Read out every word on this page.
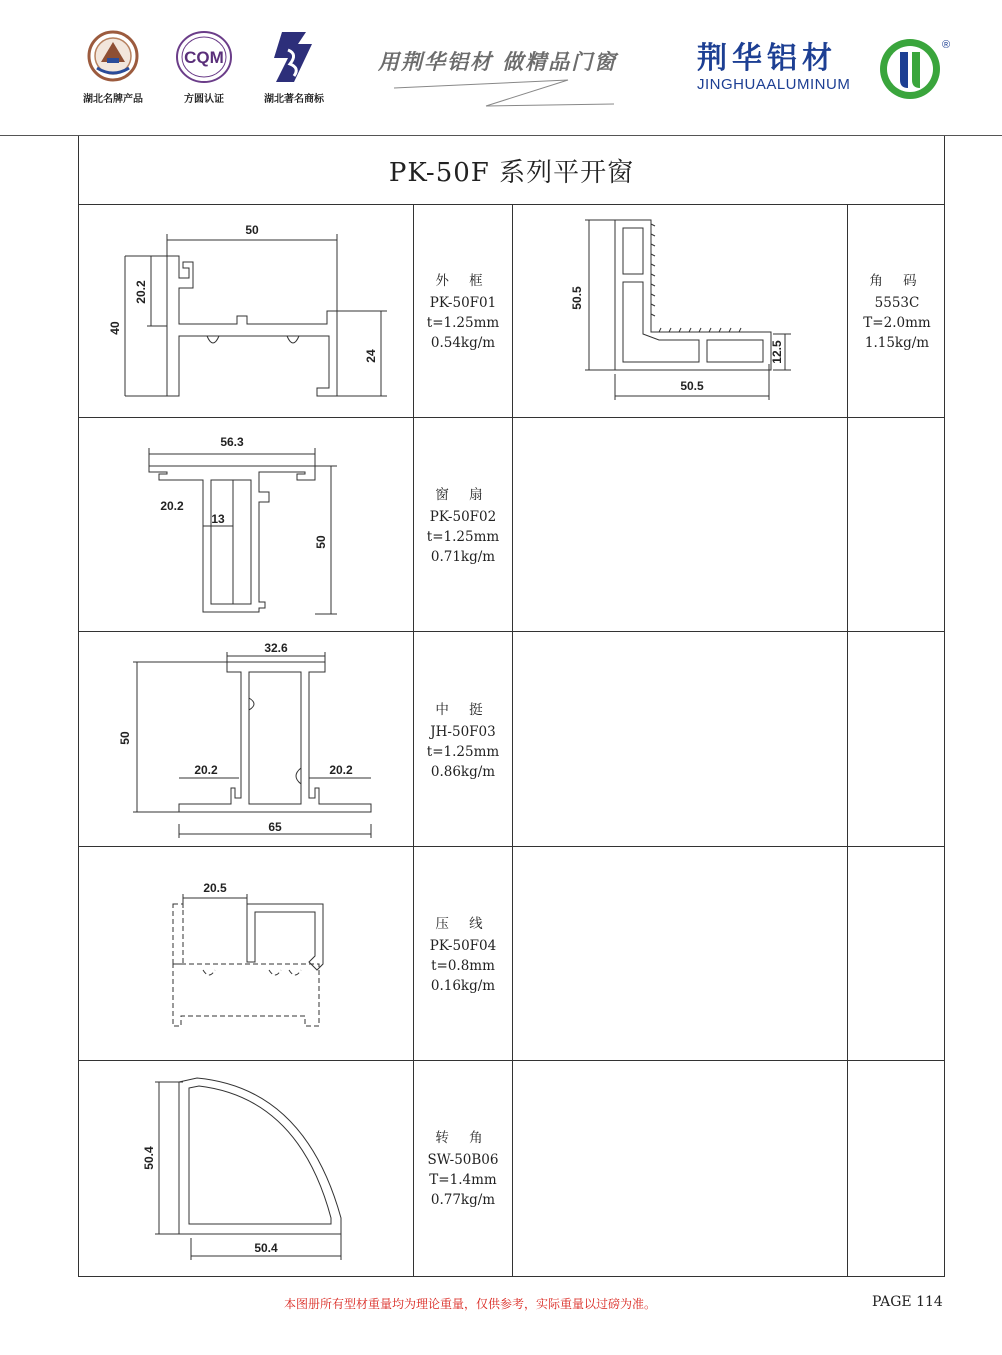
湖北名牌产品
CQM
方圆认证	湖北著名商标
用荆华铝材 做精品门窗	荆华铝材
JINGHUAALUMINUM
®
PK-50F 系列平开窗
外 框
PK-50F01
t=1.25mm
0.54kg/m
角 码
5553C
T=2.0mm
1.15kg/m
窗 扇
PK-50F02
t=1.25mm
0.71kg/m
中 挺
JH-50F03
t=1.25mm
0.86kg/m
压 线
PK-50F04
t=0.8mm
0.16kg/m
转 角
SW-50B06
T=1.4mm
0.77kg/m
50
20.2
40
24
50.5
50.5
12.5
56.3
20.2
13
50
32.6
50
20.2	20.2
65
20.5
50.4
50.4
本图册所有型材重量均为理论重量，仅供参考，实际重量以过磅为准。	PAGE 114
